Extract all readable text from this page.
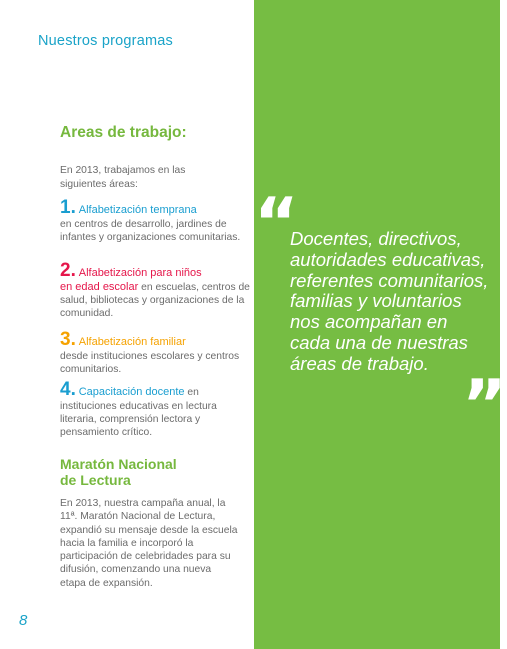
Nuestros programas
Areas de trabajo:
En 2013, trabajamos en las siguientes áreas:
1. Alfabetización temprana
en centros de desarrollo, jardines de infantes y organizaciones comunitarias.
2. Alfabetización para niños
en edad escolar en escuelas, centros de salud, bibliotecas y organizaciones de la comunidad.
3. Alfabetización familiar
desde instituciones escolares y centros comunitarios.
4. Capacitación docente en instituciones educativas en lectura literaria, comprensión lectora y pensamiento crítico.
Maratón Nacional
de Lectura
En 2013, nuestra campaña anual, la 11ª. Maratón Nacional de Lectura, expandió su mensaje desde la escuela hacia la familia e incorporó la participación de celebridades para su difusión, comenzando una nueva etapa de expansión.
8
“
Docentes, directivos, autoridades educativas, referentes comunitarios, familias y voluntarios nos acompañan en cada una de nuestras áreas de trabajo.
”
